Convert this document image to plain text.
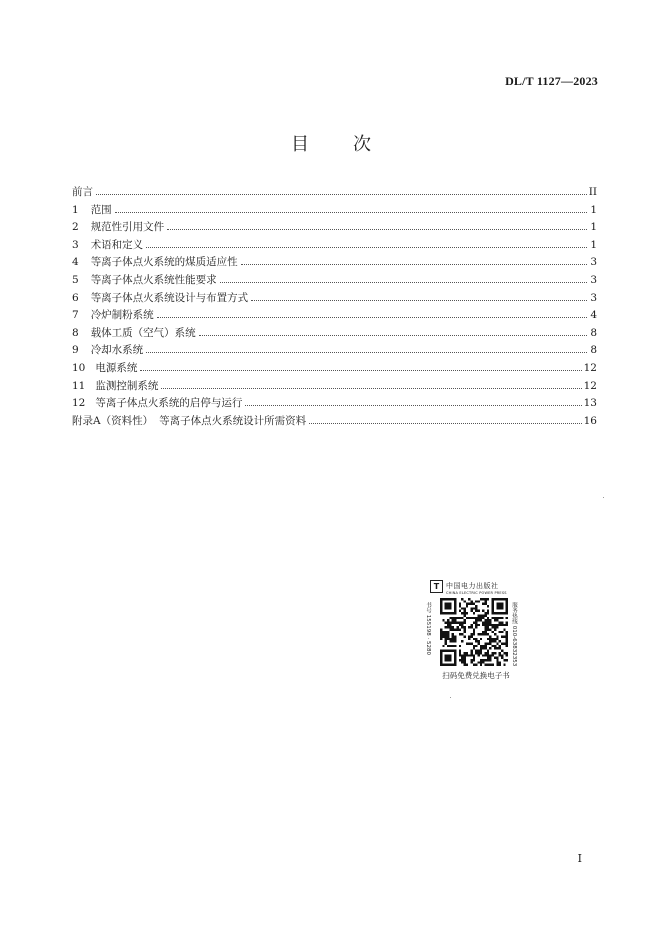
DL/T 1127—2023
目 次
前言	II
1 范围	1
2 规范性引用文件	1
3 术语和定义	1
4 等离子体点火系统的煤质适应性	3
5 等离子体点火系统性能要求	3
6 等离子体点火系统设计与布置方式	3
7 冷炉制粉系统	4
8 载体工质（空气）系统	8
9 冷却水系统	8
10 电源系统	12
11 监测控制系统	12
12 等离子体点火系统的启停与运行	13
附录A（资料性） 等离子体点火系统设计所需资料	16
T 中国电力出版社
CHINA ELECTRIC POWER PRESS
书号 155198 · 5280	服务热线 010-63832353
扫码免费兑换电子书
I
